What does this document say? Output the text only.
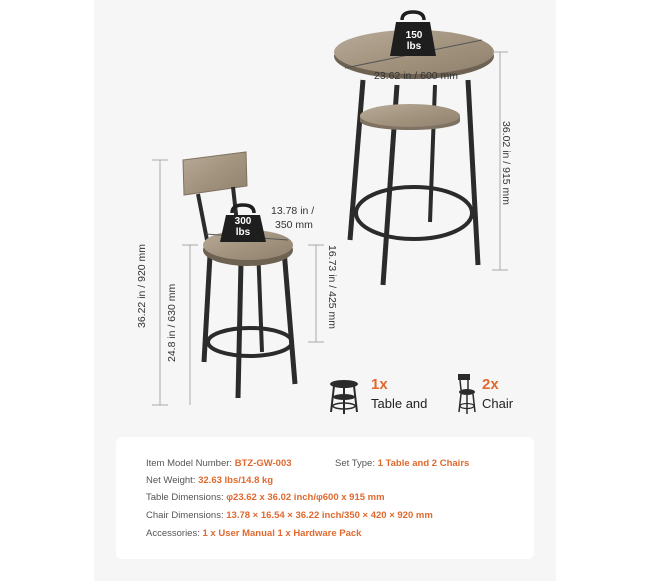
150
lbs
300
lbs
23.62 in / 600 mm
36.02 in / 915 mm
13.78 in /
350 mm
36.22 in / 920 mm 24.8 in / 630 mm	16.73 in / 425 mm
1x
Table and
2x
Chair
Item Model Number: BTZ-GW-003	Set Type: 1 Table and 2 Chairs
Net Weight: 32.63 lbs/14.8 kg
Table Dimensions: φ23.62 x 36.02 inch/φ600 x 915 mm
Chair Dimensions: 13.78 × 16.54 × 36.22 inch/350 × 420 × 920 mm
Accessories: 1 x User Manual 1 x Hardware Pack
